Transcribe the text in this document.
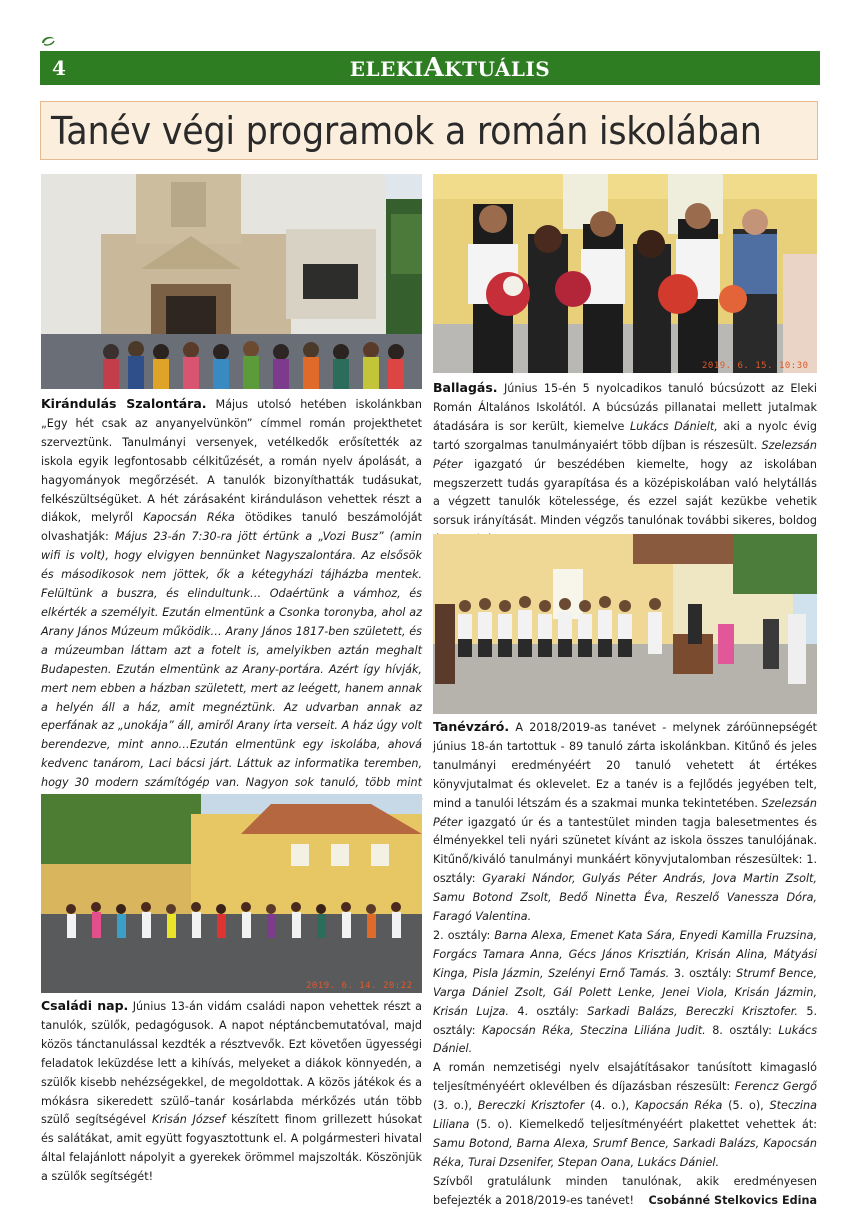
4	ELEKIAKTUÁLIS
Tanév végi programok a román iskolában
2019. 6. 15. 10:30

Kirándulás Szalontára. Május utolsó hetében iskolánkban „Egy hét csak az anyanyelvünkön” címmel román projekthetet szerveztünk. Tanulmányi versenyek, vetélkedők erősítették az iskola egyik legfontosabb célkitűzését, a román nyelv ápolását, a hagyományok megőrzését. A tanulók bizonyíthatták tudásukat, felkészültségüket. A hét zárásaként kiránduláson vehettek részt a diákok, melyről Kapocsán Réka ötödikes tanuló beszámolóját olvashatják: Május 23-án 7:30-ra jött értünk a „Vozi Busz” (amin wifi is volt), hogy elvigyen bennünket Nagyszalontára. Az elsősök és másodikosok nem jöttek, ők a kétegyházi tájházba mentek. Felültünk a buszra, és elindultunk… Odaértünk a vámhoz, és elkérték a személyit. Ezután elmentünk a Csonka toronyba, ahol az Arany János Múzeum működik… Arany János 1817-ben született, és a múzeumban láttam azt a fotelt is, amelyikben aztán meghalt Budapesten. Ezután elmentünk az Arany-portára. Azért így hívják, mert nem ebben a házban született, mert az leégett, hanem annak a helyén áll a ház, amit megnéztünk. Az udvarban annak az eperfának az „unokája” áll, amiről Arany írta verseit. A ház úgy volt berendezve, mint anno…Ezután elmentünk egy iskolába, ahová kedvenc tanárom, Laci bácsi járt. Láttuk az informatika teremben, hogy 30 modern számítógép van. Nagyon sok tanuló, több mint

Ballagás. Június 15-én 5 nyolcadikos tanuló búcsúzott az Eleki Román Általános Iskolától. A búcsúzás pillanatai mellett jutalmak átadására is sor került, kiemelve Lukács Dánielt, aki a nyolc évig tartó szorgalmas tanulmányaiért több díjban is részesült. Szelezsán Péter igazgató úr beszédében kiemelte, hogy az iskolában megszerzett tudás gyarapítása és a középiskolában való helytállás a végzett tanulók kötelessége, és ezzel saját kezükbe vehetik sorsuk irányítását. Minden végzős tanulónak további sikeres, boldog

Tanévzáró. A 2018/2019-as tanévet - melynek záróünnepségét június 18-án tartottuk - 89 tanuló zárta iskolánkban. Kitűnő és jeles tanulmányi eredményéért 20 tanuló vehetett át értékes könyvjutalmat és oklevelet. Ez a tanév is a fejlődés jegyében telt, mind a tanulói létszám és a szakmai munka tekintetében. Szelezsán Péter igazgató úr és a tantestület minden tagja balesetmentes és élményekkel teli nyári szünetet kívánt az iskola összes tanulójának. Kitűnő/kiváló tanulmányi munkáért könyvjutalomban részesültek: 1. osztály: Gyaraki Nándor, Gulyás Péter András, Jova Martin Zsolt, Samu Botond Zsolt, Bedő Ninetta Éva, Reszelő Vanessza Dóra, Faragó Valentina.

2. osztály: Barna Alexa, Emenet Kata Sára, Enyedi Kamilla Fruzsina, Forgács Tamara Anna, Gécs János Krisztián, Krisán Alina, Mátyási Kinga, Pisla Jázmin, Szelényi Ernő Tamás. 3. osztály: Strumf Bence, Varga Dániel Zsolt, Gál Polett Lenke, Jenei Viola, Krisán Jázmin, Krisán Lujza. 4. osztály: Sarkadi Balázs, Bereczki Krisztofer. 5. osztály: Kapocsán Réka, Steczina Liliána Judit. 8. osztály: Lukács Dániel.

A román nemzetiségi nyelv elsajátításakor tanúsított kimagasló teljesítményéért oklevélben és díjazásban részesült: Ferencz Gergő (3. o.), Bereczki Krisztofer (4. o.), Kapocsán Réka (5. o), Steczina Liliana (5. o). Kiemelkedő teljesítményéért plakettet vehettek át: Samu Botond, Barna Alexa, Srumf Bence, Sarkadi Balázs, Kapocsán Réka, Turai Dzsenifer, Stepan Oana, Lukács Dániel.

Szívből gratulálunk minden tanulónak, akik eredményesen befejezték a 2018/2019-es tanévet! Csobánné Stelkovics Edina

2019. 6. 14. 20:22

Családi nap. Június 13-án vidám családi napon vehettek részt a tanulók, szülők, pedagógusok. A napot néptáncbemutatóval, majd közös tánctanulással kezdték a résztvevők. Ezt követően ügyességi feladatok leküzdése lett a kihívás, melyeket a diákok könnyedén, a szülők kisebb nehézségekkel, de megoldottak. A közös játékok és a mókásra sikeredett szülő–tanár kosárlabda mérkőzés után több szülő segítségével Krisán József készített finom grillezett húsokat és salátákat, amit együtt fogyasztottunk el. A polgármesteri hivatal által felajánlott nápolyit a gyerekek örömmel majszolták. Köszönjük a szülők segítségét!
